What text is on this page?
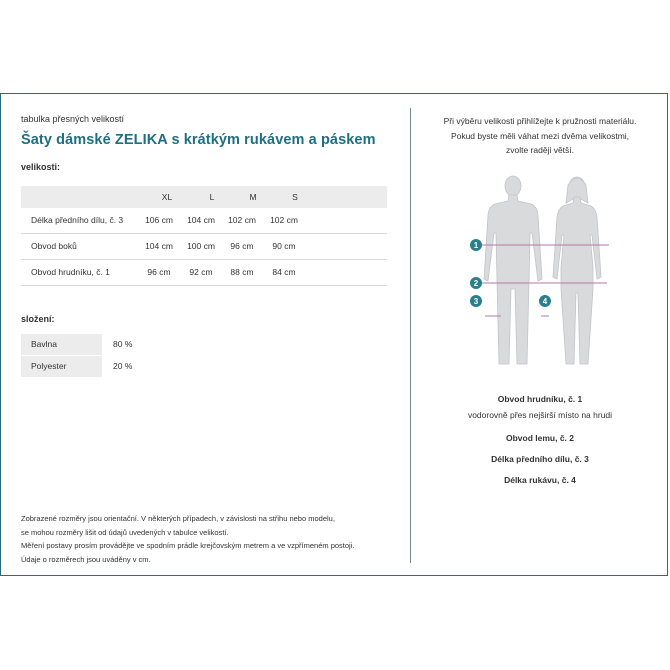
tabulka přesných velikostí
Šaty dámské ZELIKA s krátkým rukávem a páskem
velikosti:
XL	L	M	S
Délka předního dílu, č. 3	106 cm	104 cm	102 cm	102 cm
Obvod boků	104 cm	100 cm	96 cm	90 cm
Obvod hrudníku, č. 1	96 cm	92 cm	88 cm	84 cm
složení:
Bavlna	80 %
Polyester	20 %
Zobrazené rozměry jsou orientační. V některých případech, v závislosti na střihu nebo modelu,
se mohou rozměry lišit od údajů uvedených v tabulce velikostí.
Měření postavy prosím provádějte ve spodním prádle krejčovským metrem a ve vzpřímeném postoji.
Údaje o rozměrech jsou uváděny v cm.
Při výběru velikosti přihlížejte k pružnosti materiálu.
Pokud byste měli váhat mezi dvěma velikostmi,
zvolte raději větší.
1
2
3	4
Obvod hrudníku, č. 1
vodorovně přes nejširší místo na hrudi
Obvod lemu, č. 2
Délka předního dílu, č. 3
Délka rukávu, č. 4
